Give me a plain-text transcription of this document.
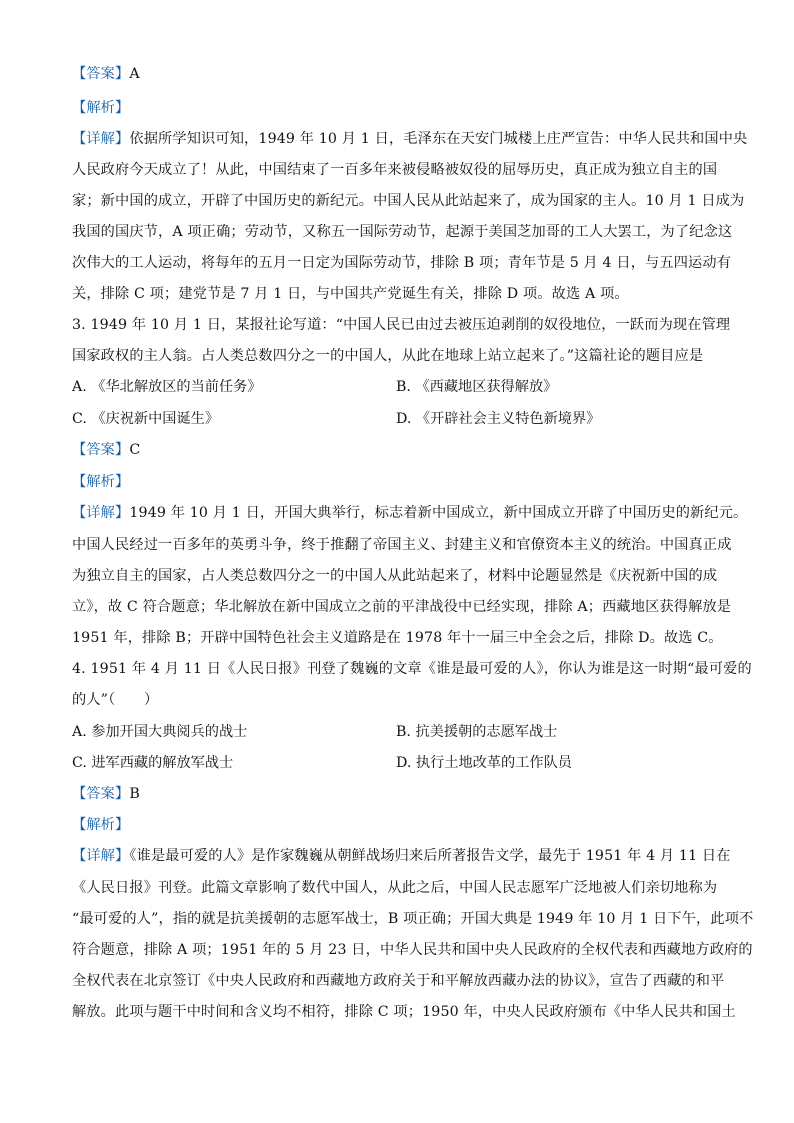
【答案】A
【解析】
【详解】依据所学知识可知，1949 年 10 月 1 日，毛泽东在天安门城楼上庄严宣告：中华人民共和国中央
人民政府今天成立了！从此，中国结束了一百多年来被侵略被奴役的屈辱历史，真正成为独立自主的国
家；新中国的成立，开辟了中国历史的新纪元。中国人民从此站起来了，成为国家的主人。10 月 1 日成为
我国的国庆节，A 项正确；劳动节，又称五一国际劳动节，起源于美国芝加哥的工人大罢工，为了纪念这
次伟大的工人运动，将每年的五月一日定为国际劳动节，排除 B 项；青年节是 5 月 4 日，与五四运动有
关，排除 C 项；建党节是 7 月 1 日，与中国共产党诞生有关，排除 D 项。故选 A 项。
3. 1949 年 10 月 1 日，某报社论写道：“中国人民已由过去被压迫剥削的奴役地位，一跃而为现在管理
国家政权的主人翁。占人类总数四分之一的中国人，从此在地球上站立起来了。”这篇社论的题目应是
A. 《华北解放区的当前任务》	B. 《西藏地区获得解放》
C. 《庆祝新中国诞生》	D. 《开辟社会主义特色新境界》
【答案】C
【解析】
【详解】1949 年 10 月 1 日，开国大典举行，标志着新中国成立，新中国成立开辟了中国历史的新纪元。
中国人民经过一百多年的英勇斗争，终于推翻了帝国主义、封建主义和官僚资本主义的统治。中国真正成
为独立自主的国家，占人类总数四分之一的中国人从此站起来了，材料中论题显然是《庆祝新中国的成
立》，故 C 符合题意；华北解放在新中国成立之前的平津战役中已经实现，排除 A；西藏地区获得解放是
1951 年，排除 B；开辟中国特色社会主义道路是在 1978 年十一届三中全会之后，排除 D。故选 C。
4. 1951 年 4 月 11 日《人民日报》刊登了魏巍的文章《谁是最可爱的人》，你认为谁是这一时期“最可爱的
的人”（　　）
A. 参加开国大典阅兵的战士	B. 抗美援朝的志愿军战士
C. 进军西藏的解放军战士	D. 执行土地改革的工作队员
【答案】B
【解析】
【详解】《谁是最可爱的人》是作家魏巍从朝鲜战场归来后所著报告文学，最先于 1951 年 4 月 11 日在
《人民日报》刊登。此篇文章影响了数代中国人，从此之后，中国人民志愿军广泛地被人们亲切地称为
“最可爱的人”，指的就是抗美援朝的志愿军战士，B 项正确；开国大典是 1949 年 10 月 1 日下午，此项不
符合题意，排除 A 项；1951 年的 5 月 23 日，中华人民共和国中央人民政府的全权代表和西藏地方政府的
全权代表在北京签订《中央人民政府和西藏地方政府关于和平解放西藏办法的协议》，宣告了西藏的和平
解放。此项与题干中时间和含义均不相符，排除 C 项；1950 年，中央人民政府颁布《中华人民共和国土
